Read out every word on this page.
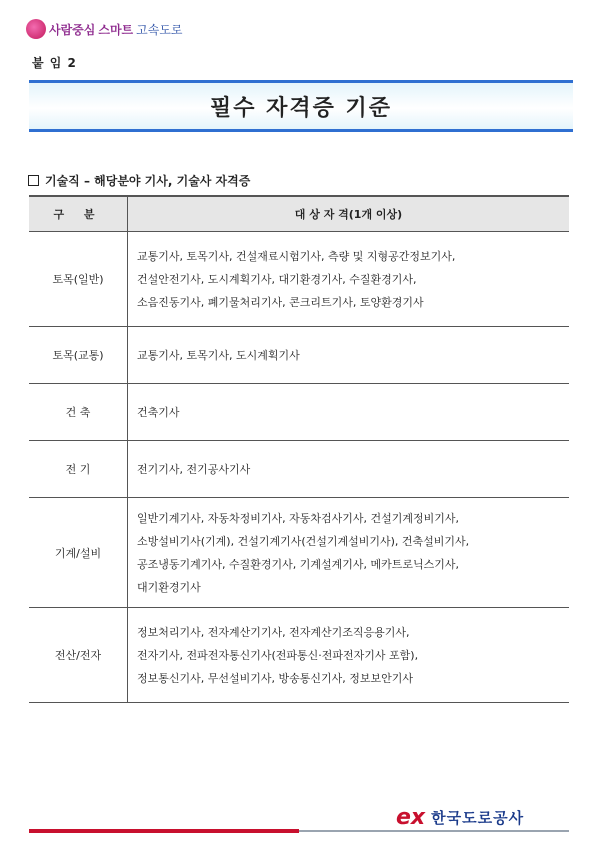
사람중심 스마트 고속도로
붙 임 2
필수 자격증 기준
기술직 – 해당분야 기사, 기술사 자격증
구 분	대 상 자 격(1개 이상)
토목(일반)	교통기사, 토목기사, 건설재료시험기사, 측량 및 지형공간정보기사,
건설안전기사, 도시계획기사, 대기환경기사, 수질환경기사,
소음진동기사, 폐기물처리기사, 콘크리트기사, 토양환경기사

토목(교통)	교통기사, 토목기사, 도시계획기사

건 축	건축기사

전 기	전기기사, 전기공사기사

기계/설비	일반기계기사, 자동차정비기사, 자동차검사기사, 건설기계정비기사,
소방설비기사(기계), 건설기계기사(건설기계설비기사), 건축설비기사,
공조냉동기계기사, 수질환경기사, 기계설계기사, 메카트로닉스기사,
대기환경기사

전산/전자	정보처리기사, 전자계산기기사, 전자계산기조직응용기사,
전자기사, 전파전자통신기사(전파통신·전파전자기사 포함),
정보통신기사, 무선설비기사, 방송통신기사, 정보보안기사
ex 한국도로공사
